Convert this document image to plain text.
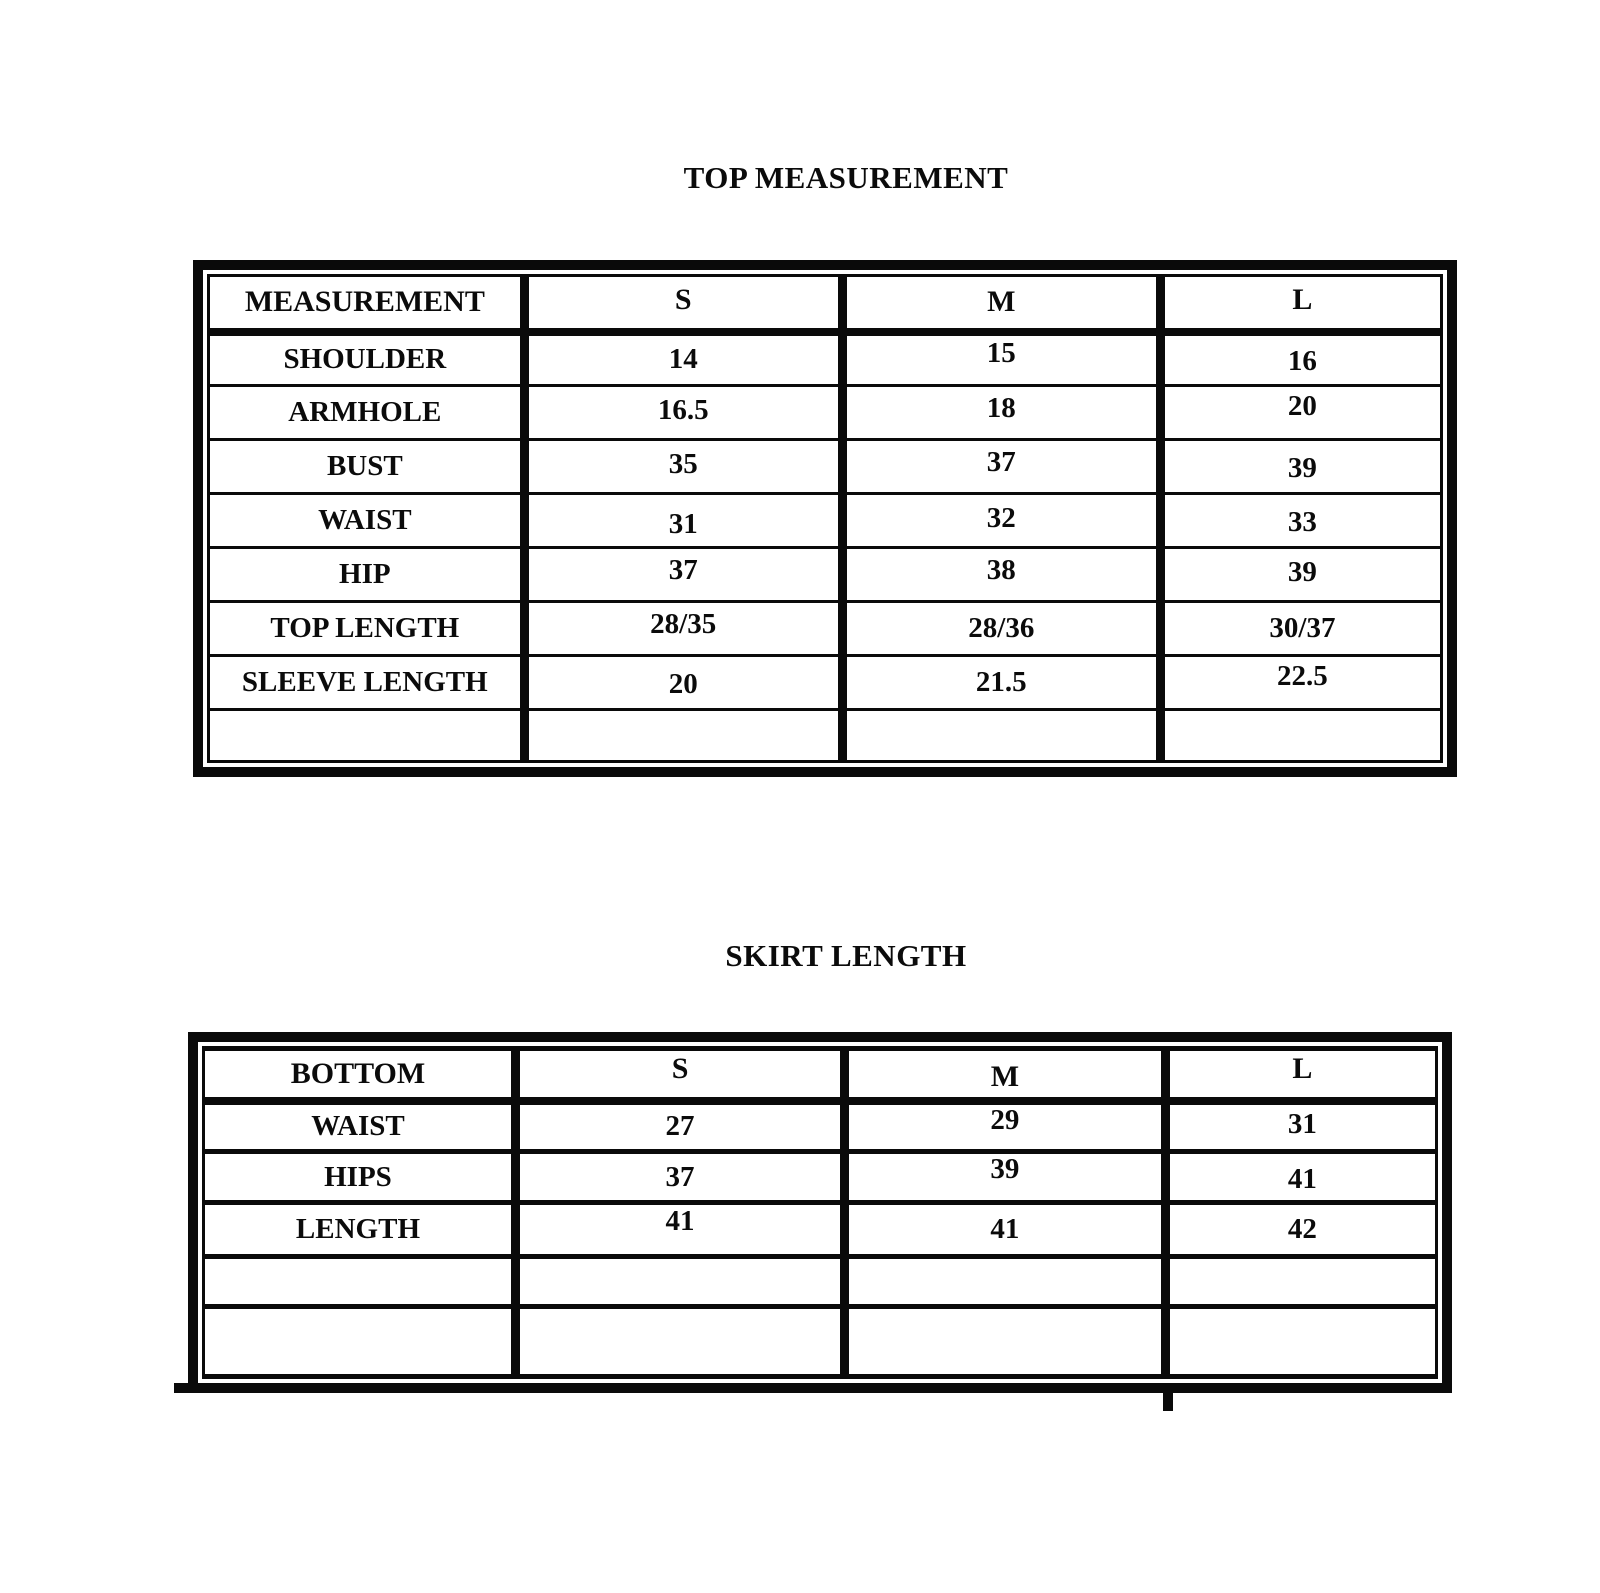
TOP MEASUREMENT
MEASUREMENT	S	M	L
SHOULDER	14	15	16
ARMHOLE	16.5	18	20
BUST	35	37	39
WAIST	31	32	33
HIP	37	38	39
TOP LENGTH	28/35	28/36	30/37
SLEEVE LENGTH	20	21.5	22.5

SKIRT LENGTH
BOTTOM	S	M	L
WAIST	27	29	31
HIPS	37	39	41
LENGTH	41	41	42
